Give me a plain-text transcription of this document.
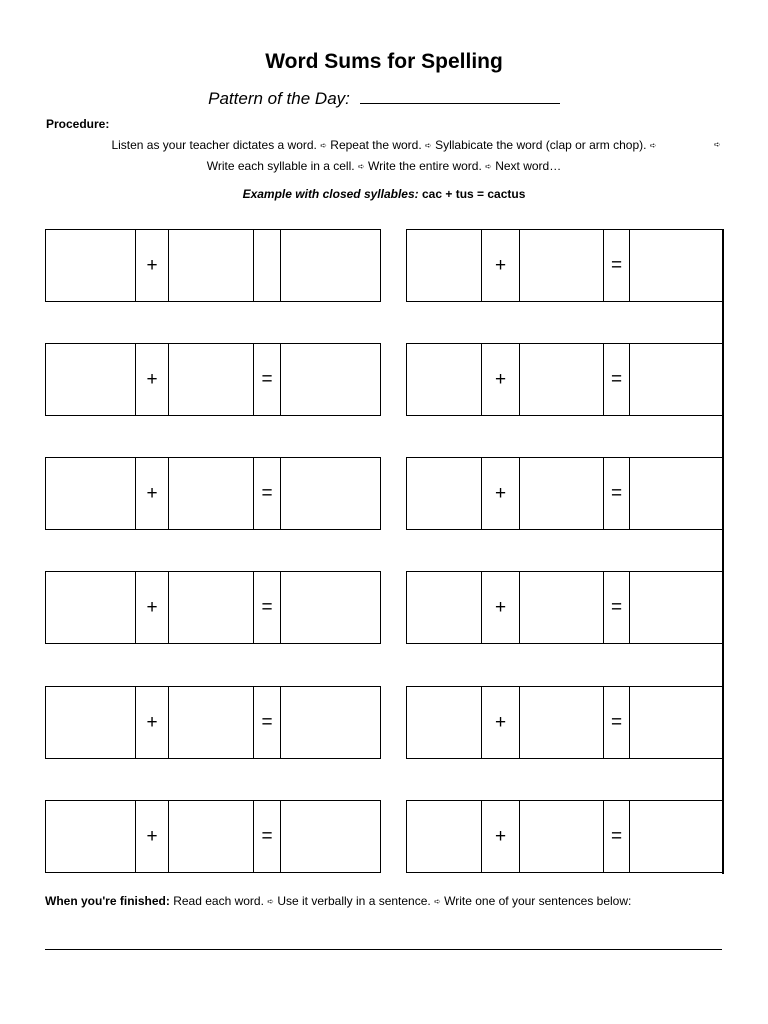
Word Sums for Spelling
Pattern of the Day:
Procedure:
Listen as your teacher dictates a word. ➪ Repeat the word. ➪ Syllabicate the word (clap or arm chop). ➪	➪
Write each syllable in a cell. ➪ Write the entire word. ➪ Next word…
Example with closed syllables: cac + tus = cactus
+	+	=
+	=	+	=
+	=	+	=
+	=	+	=
+	=	+	=
+	=	+	=
When you're finished: Read each word. ➪ Use it verbally in a sentence. ➪ Write one of your sentences below:
